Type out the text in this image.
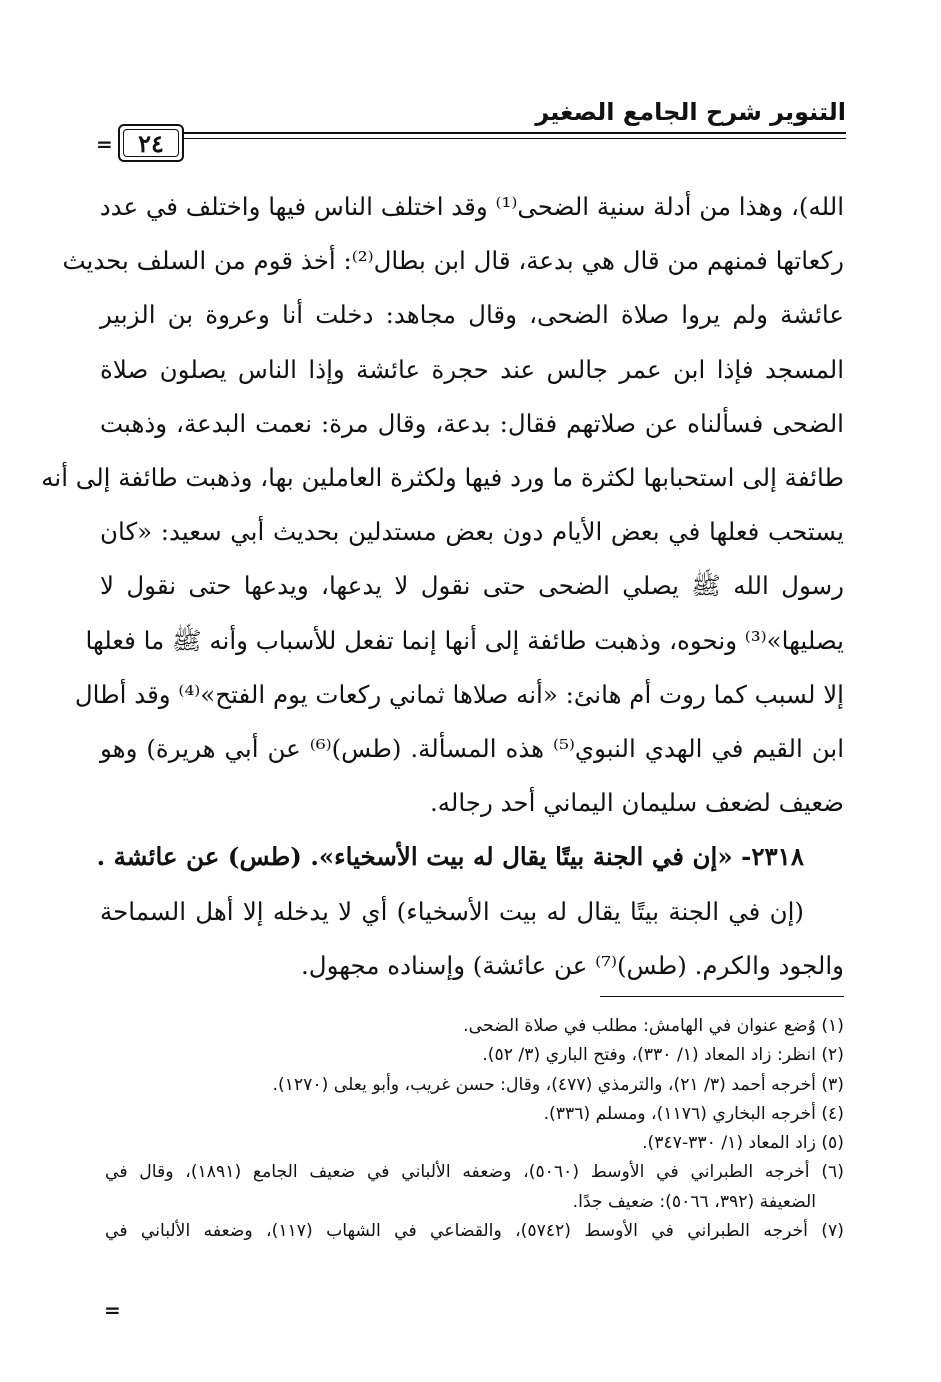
التنوير شرح الجامع الصغير
٢٤
=
الله)، وهذا من أدلة سنية الضحى⁽¹⁾ وقد اختلف الناس فيها واختلف في عدد
ركعاتها فمنهم من قال هي بدعة، قال ابن بطال⁽²⁾: أخذ قوم من السلف بحديث
عائشة ولم يروا صلاة الضحى، وقال مجاهد: دخلت أنا وعروة بن الزبير
المسجد فإذا ابن عمر جالس عند حجرة عائشة وإذا الناس يصلون صلاة
الضحى فسألناه عن صلاتهم فقال: بدعة، وقال مرة: نعمت البدعة، وذهبت
طائفة إلى استحبابها لكثرة ما ورد فيها ولكثرة العاملين بها، وذهبت طائفة إلى أنه
يستحب فعلها في بعض الأيام دون بعض مستدلين بحديث أبي سعيد: «كان
رسول الله ﷺ يصلي الضحى حتى نقول لا يدعها، ويدعها حتى نقول لا
يصليها»⁽³⁾ ونحوه، وذهبت طائفة إلى أنها إنما تفعل للأسباب وأنه ﷺ ما فعلها
إلا لسبب كما روت أم هانئ: «أنه صلاها ثماني ركعات يوم الفتح»⁽⁴⁾ وقد أطال
ابن القيم في الهدي النبوي⁽⁵⁾ هذه المسألة. (طس)⁽⁶⁾ عن أبي هريرة) وهو
ضعيف لضعف سليمان اليماني أحد رجاله.
٢٣١٨- «إن في الجنة بيتًا يقال له بيت الأسخياء». (طس) عن عائشة .
(إن في الجنة بيتًا يقال له بيت الأسخياء) أي لا يدخله إلا أهل السماحة
والجود والكرم. (طس)⁽⁷⁾ عن عائشة) وإسناده مجهول.
(١) وُضع عنوان في الهامش: مطلب في صلاة الضحى.
(٢) انظر: زاد المعاد (١/ ٣٣٠)، وفتح الباري (٣/ ٥٢).
(٣) أخرجه أحمد (٣/ ٢١)، والترمذي (٤٧٧)، وقال: حسن غريب، وأبو يعلى (١٢٧٠).
(٤) أخرجه البخاري (١١٧٦)، ومسلم (٣٣٦).
(٥) زاد المعاد (١/ ٣٣٠-٣٤٧).
(٦) أخرجه الطبراني في الأوسط (٥٠٦٠)، وضعفه الألباني في ضعيف الجامع (١٨٩١)، وقال في
الضعيفة (٣٩٢، ٥٠٦٦): ضعيف جدًا.
(٧) أخرجه الطبراني في الأوسط (٥٧٤٢)، والقضاعي في الشهاب (١١٧)، وضعفه الألباني في
=
